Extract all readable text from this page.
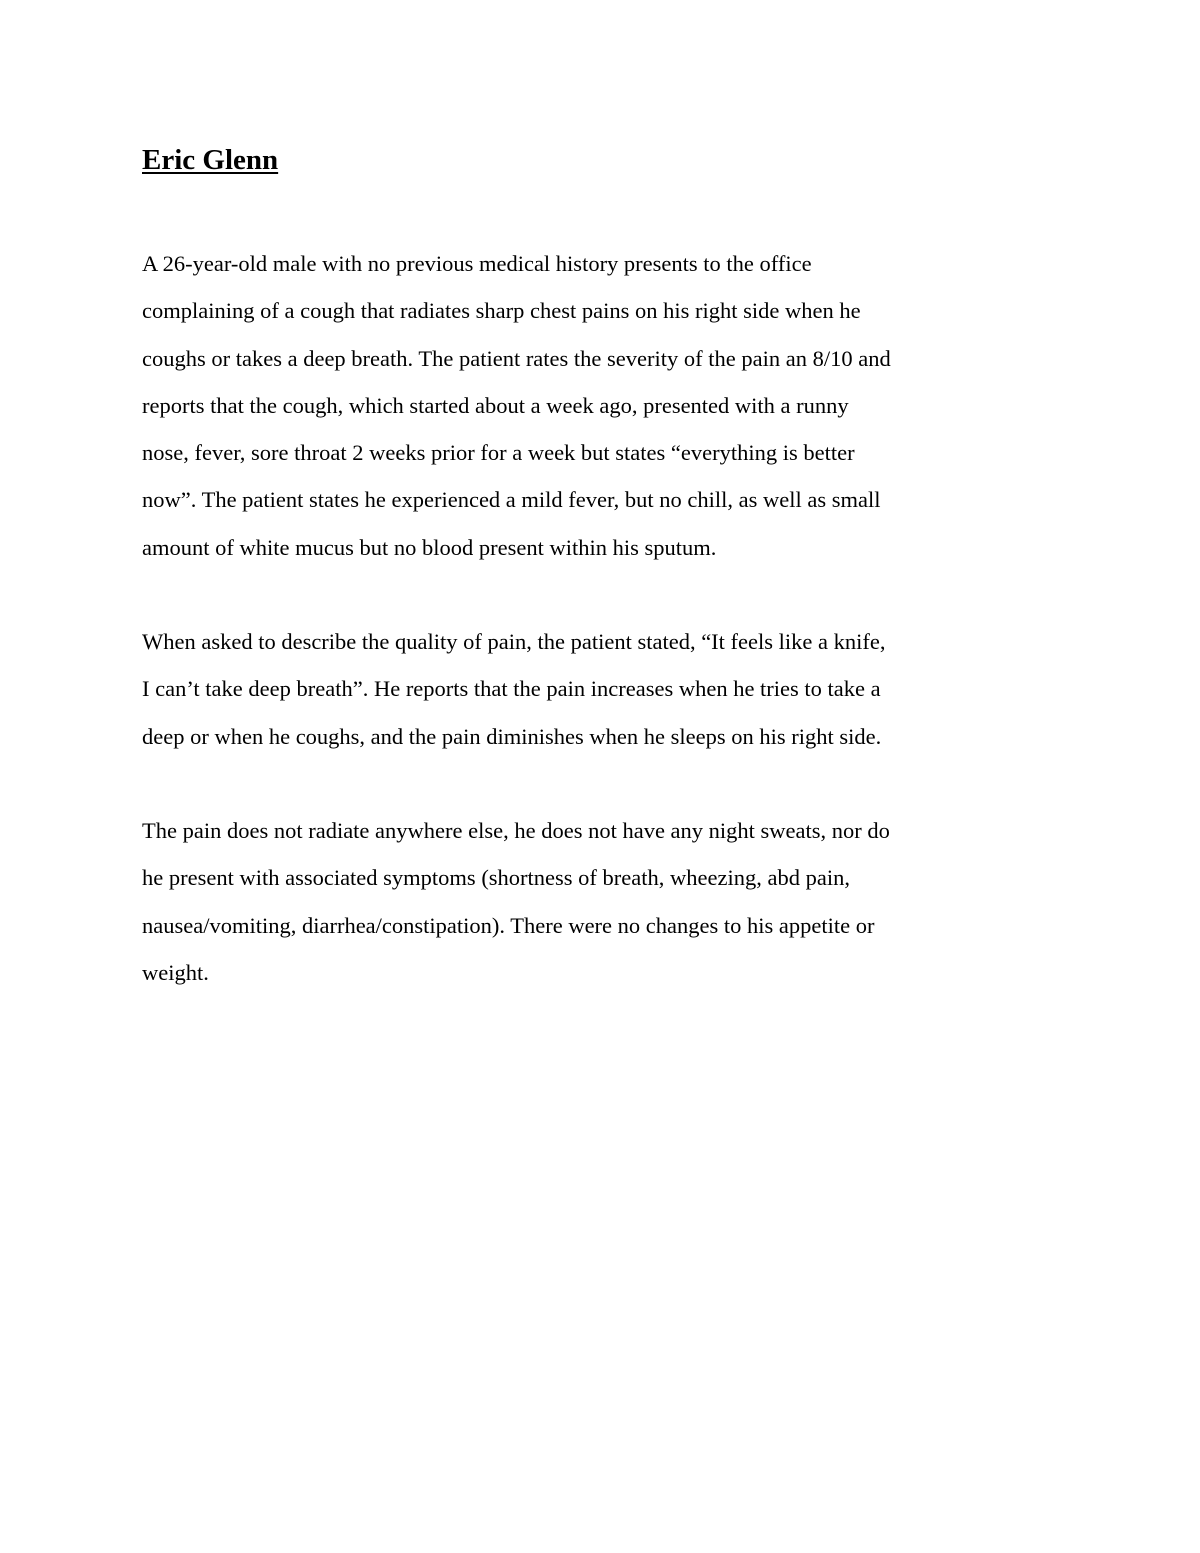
Eric Glenn
A 26-year-old male with no previous medical history presents to the office
complaining of a cough that radiates sharp chest pains on his right side when he
coughs or takes a deep breath. The patient rates the severity of the pain an 8/10 and
reports that the cough, which started about a week ago, presented with a runny
nose, fever, sore throat 2 weeks prior for a week but states “everything is better
now”. The patient states he experienced a mild fever, but no chill, as well as small
amount of white mucus but no blood present within his sputum.
When asked to describe the quality of pain, the patient stated, “It feels like a knife,
I can’t take deep breath”. He reports that the pain increases when he tries to take a
deep or when he coughs, and the pain diminishes when he sleeps on his right side.
The pain does not radiate anywhere else, he does not have any night sweats, nor do
he present with associated symptoms (shortness of breath, wheezing, abd pain,
nausea/vomiting, diarrhea/constipation). There were no changes to his appetite or
weight.
